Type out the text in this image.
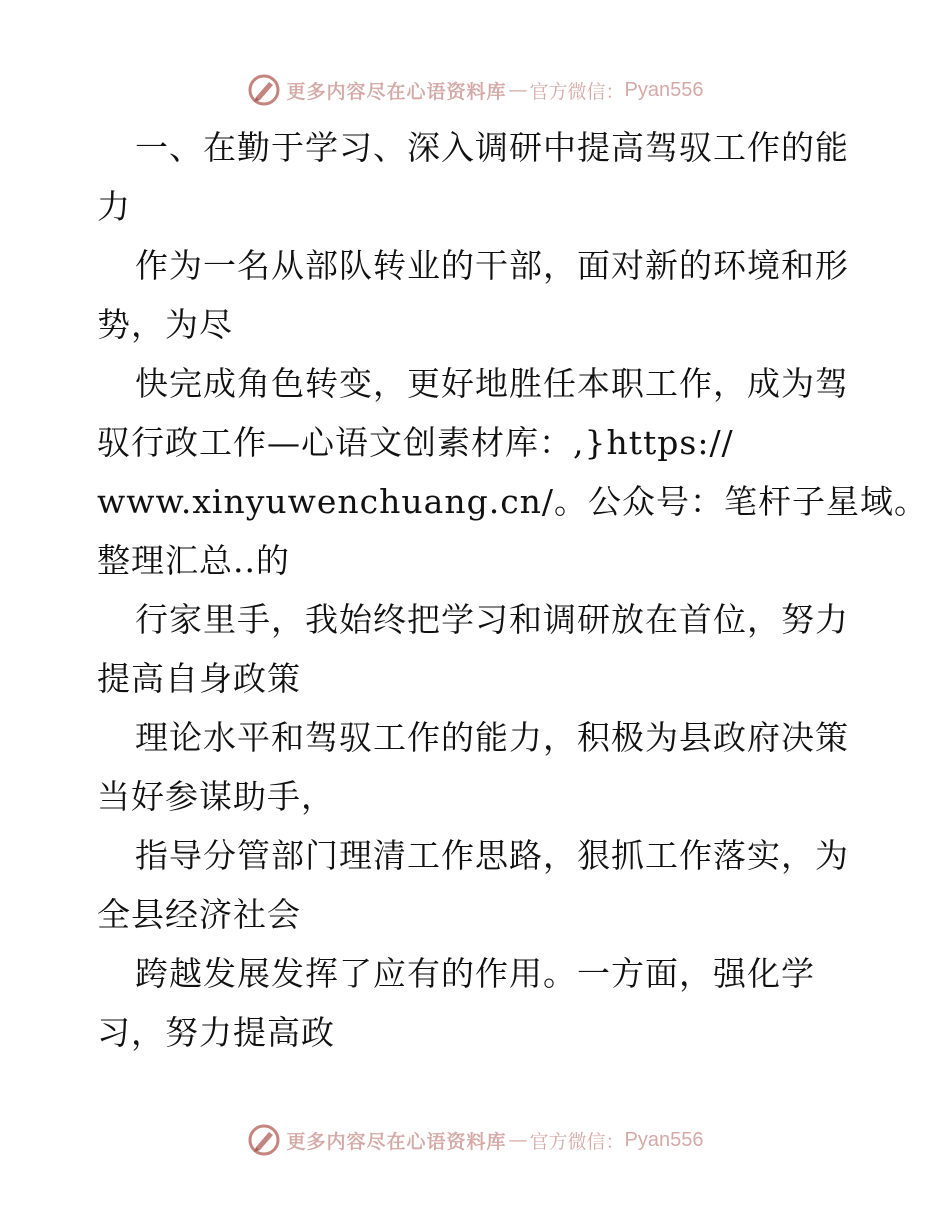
更多内容尽在心语资料库 — 官方微信： Pyan556
一、在勤于学习、深入调研中提高驾驭工作的能
力
作为一名从部队转业的干部，面对新的环境和形
势，为尽
快完成角色转变，更好地胜任本职工作，成为驾
驭行政工作—心语文创素材库：,}https://
www.xinyuwenchuang.cn/。公众号：笔杆子星域。
整理汇总..的
行家里手，我始终把学习和调研放在首位，努力
提高自身政策
理论水平和驾驭工作的能力，积极为县政府决策
当好参谋助手，
指导分管部门理清工作思路，狠抓工作落实，为
全县经济社会
跨越发展发挥了应有的作用。一方面，强化学
习，努力提高政
更多内容尽在心语资料库 — 官方微信： Pyan556
